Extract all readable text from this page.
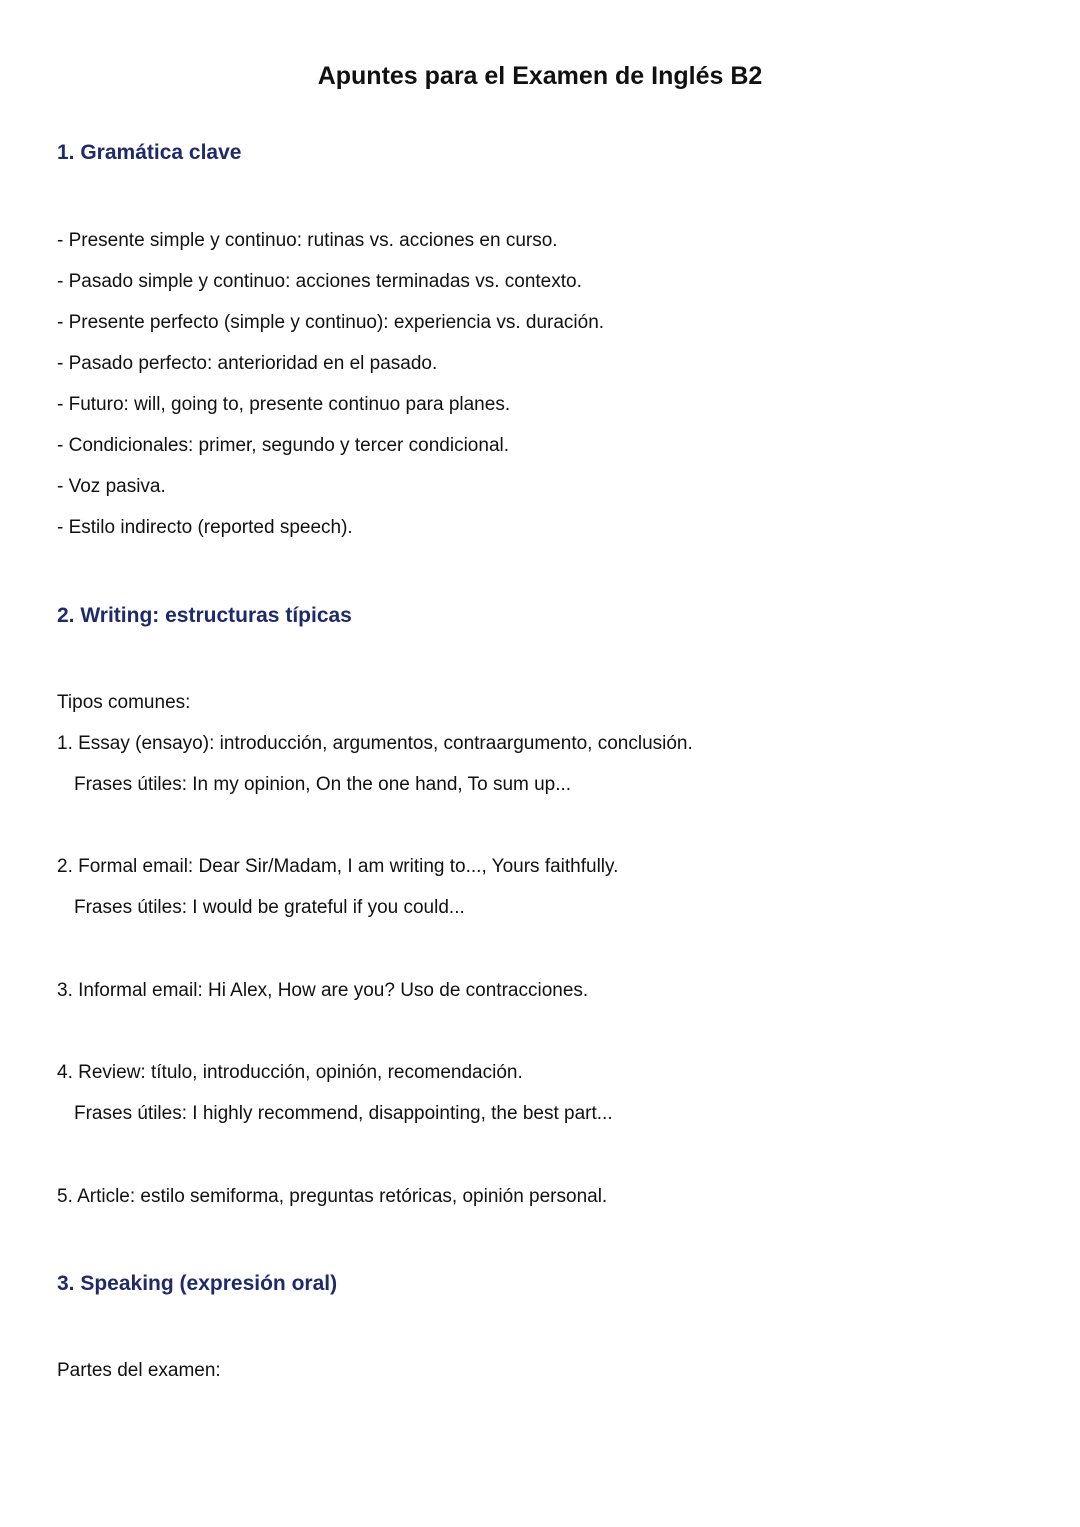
Apuntes para el Examen de Inglés B2
1. Gramática clave
- Presente simple y continuo: rutinas vs. acciones en curso.
- Pasado simple y continuo: acciones terminadas vs. contexto.
- Presente perfecto (simple y continuo): experiencia vs. duración.
- Pasado perfecto: anterioridad en el pasado.
- Futuro: will, going to, presente continuo para planes.
- Condicionales: primer, segundo y tercer condicional.
- Voz pasiva.
- Estilo indirecto (reported speech).
2. Writing: estructuras típicas
Tipos comunes:
1. Essay (ensayo): introducción, argumentos, contraargumento, conclusión.
Frases útiles: In my opinion, On the one hand, To sum up...
2. Formal email: Dear Sir/Madam, I am writing to..., Yours faithfully.
Frases útiles: I would be grateful if you could...
3. Informal email: Hi Alex, How are you? Uso de contracciones.
4. Review: título, introducción, opinión, recomendación.
Frases útiles: I highly recommend, disappointing, the best part...
5. Article: estilo semiforma, preguntas retóricas, opinión personal.
3. Speaking (expresión oral)
Partes del examen:
